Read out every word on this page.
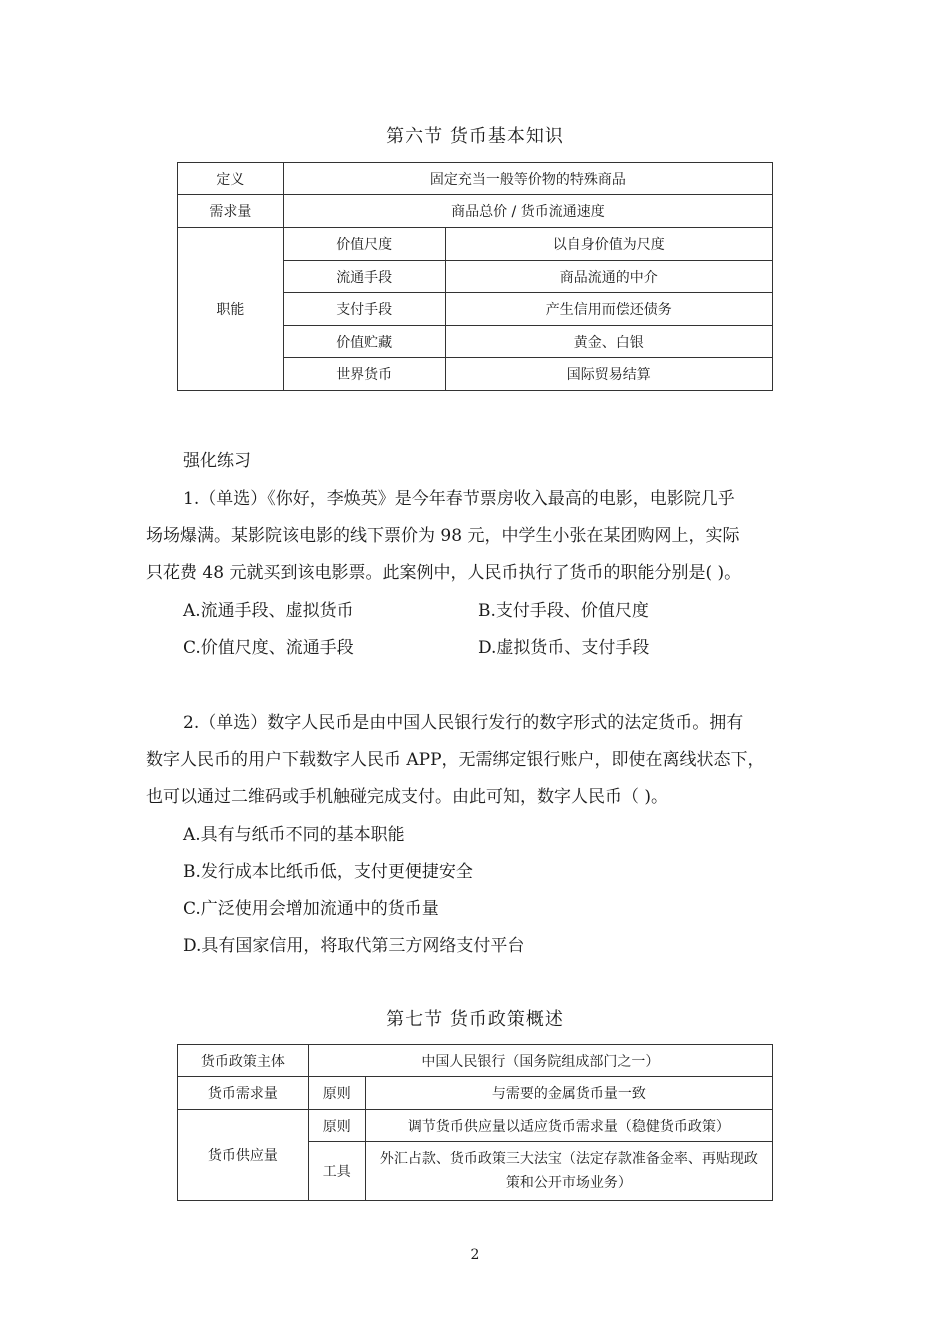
第六节 货币基本知识
定义	固定充当一般等价物的特殊商品	
需求量	商品总价 / 货币流通速度	
职能	价值尺度	以自身价值为尺度
	流通手段	商品流通的中介
	支付手段	产生信用而偿还债务
	价值贮藏	黄金、白银
	世界货币	国际贸易结算
强化练习
1.（单选）《你好，李焕英》是今年春节票房收入最高的电影，电影院几乎
场场爆满。某影院该电影的线下票价为 98 元，中学生小张在某团购网上，实际
只花费 48 元就买到该电影票。此案例中，人民币执行了货币的职能分别是( )。
A.流通手段、虚拟货币	B.支付手段、价值尺度
C.价值尺度、流通手段	D.虚拟货币、支付手段
2.（单选）数字人民币是由中国人民银行发行的数字形式的法定货币。拥有
数字人民币的用户下载数字人民币 APP，无需绑定银行账户，即使在离线状态下，
也可以通过二维码或手机触碰完成支付。由此可知，数字人民币（ )。
A.具有与纸币不同的基本职能
B.发行成本比纸币低，支付更便捷安全
C.广泛使用会增加流通中的货币量
D.具有国家信用，将取代第三方网络支付平台
第七节 货币政策概述
货币政策主体	中国人民银行（国务院组成部门之一）	
货币需求量	原则	与需要的金属货币量一致
货币供应量	原则	调节货币供应量以适应货币需求量（稳健货币政策）
	工具	外汇占款、货币政策三大法宝（法定存款准备金率、再贴现政
策和公开市场业务）
2
